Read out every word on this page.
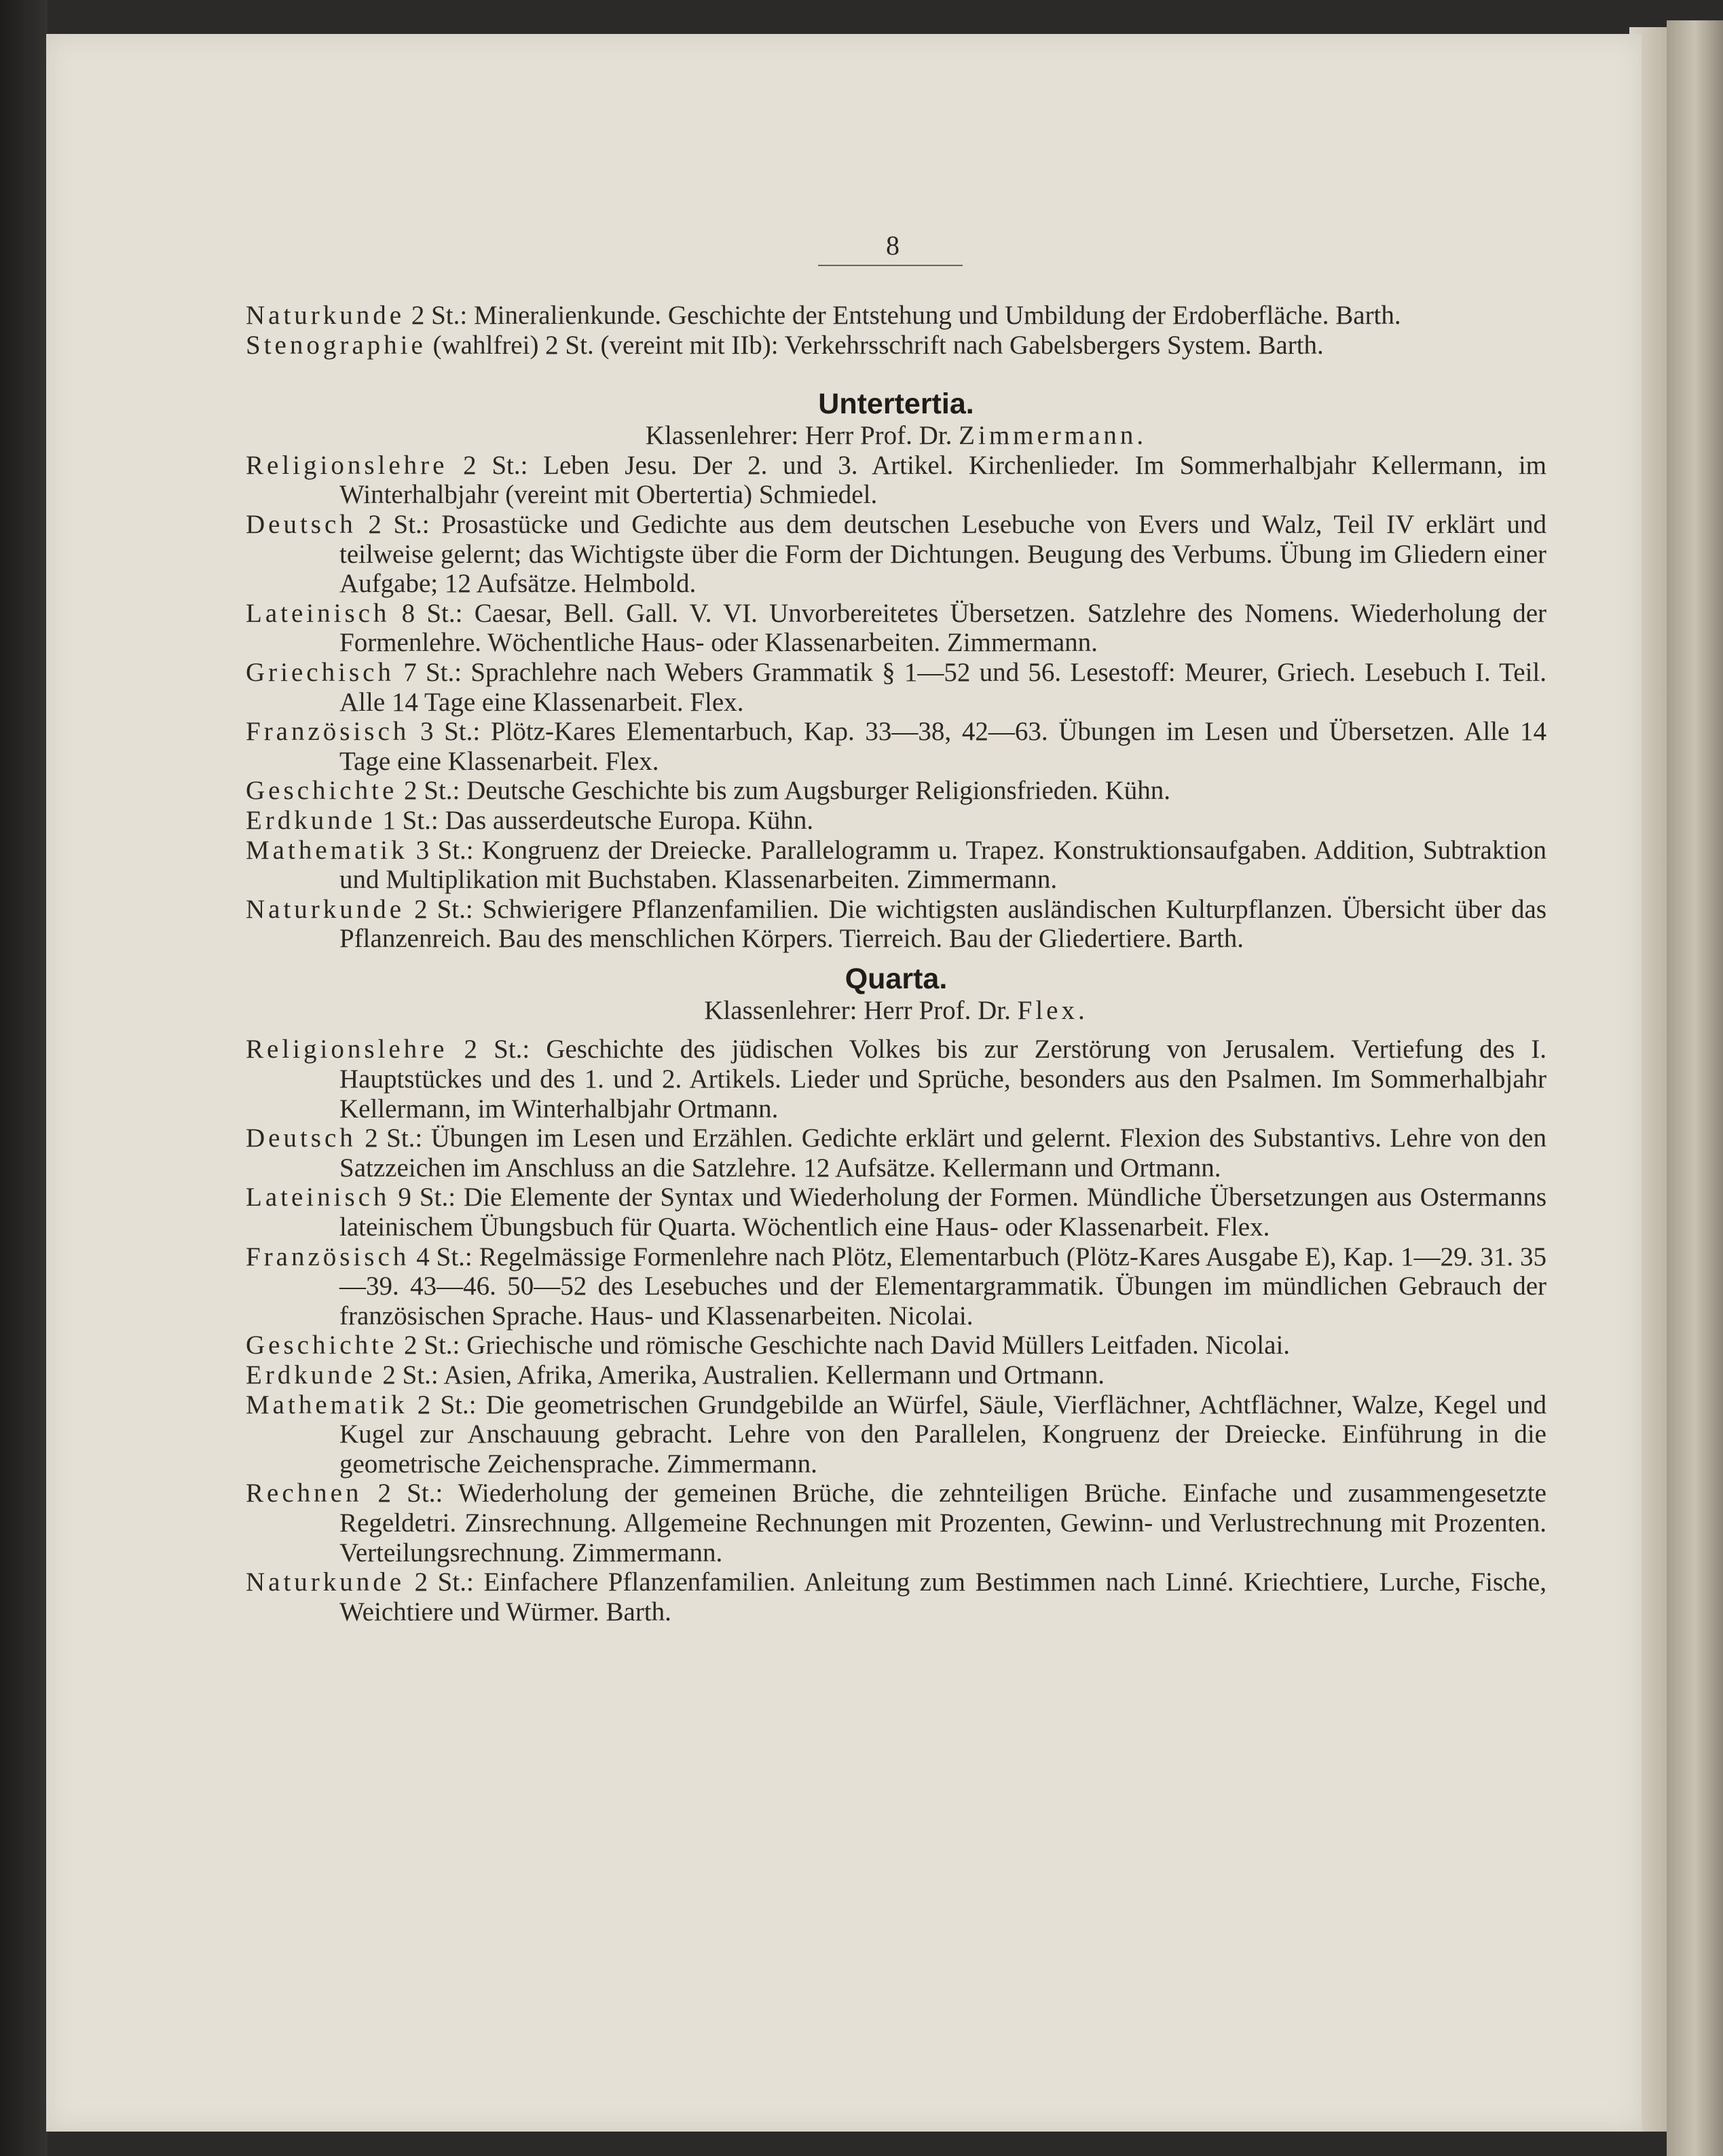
8
Naturkunde 2 St.: Mineralienkunde. Geschichte der Entstehung und Umbildung der Erdoberfläche. Barth.
Stenographie (wahlfrei) 2 St. (vereint mit IIb): Verkehrsschrift nach Gabelsbergers System. Barth.
Untertertia.
Klassenlehrer: Herr Prof. Dr. Zimmermann.
Religionslehre 2 St.: Leben Jesu. Der 2. und 3. Artikel. Kirchenlieder. Im Sommerhalbjahr Kellermann, im Winterhalbjahr (vereint mit Obertertia) Schmiedel.
Deutsch 2 St.: Prosastücke und Gedichte aus dem deutschen Lesebuche von Evers und Walz, Teil IV erklärt und teilweise gelernt; das Wichtigste über die Form der Dichtungen. Beugung des Verbums. Übung im Gliedern einer Aufgabe; 12 Aufsätze. Helmbold.
Lateinisch 8 St.: Caesar, Bell. Gall. V. VI. Unvorbereitetes Übersetzen. Satzlehre des Nomens. Wiederholung der Formenlehre. Wöchentliche Haus- oder Klassenarbeiten. Zimmermann.
Griechisch 7 St.: Sprachlehre nach Webers Grammatik § 1—52 und 56. Lesestoff: Meurer, Griech. Lesebuch I. Teil. Alle 14 Tage eine Klassenarbeit. Flex.
Französisch 3 St.: Plötz-Kares Elementarbuch, Kap. 33—38, 42—63. Übungen im Lesen und Übersetzen. Alle 14 Tage eine Klassenarbeit. Flex.
Geschichte 2 St.: Deutsche Geschichte bis zum Augsburger Religionsfrieden. Kühn.
Erdkunde 1 St.: Das ausserdeutsche Europa. Kühn.
Mathematik 3 St.: Kongruenz der Dreiecke. Parallelogramm u. Trapez. Konstruktionsaufgaben. Addition, Subtraktion und Multiplikation mit Buchstaben. Klassenarbeiten. Zimmermann.
Naturkunde 2 St.: Schwierigere Pflanzenfamilien. Die wichtigsten ausländischen Kulturpflanzen. Übersicht über das Pflanzenreich. Bau des menschlichen Körpers. Tierreich. Bau der Gliedertiere. Barth.
Quarta.
Klassenlehrer: Herr Prof. Dr. Flex.
Religionslehre 2 St.: Geschichte des jüdischen Volkes bis zur Zerstörung von Jerusalem. Vertiefung des I. Hauptstückes und des 1. und 2. Artikels. Lieder und Sprüche, besonders aus den Psalmen. Im Sommerhalbjahr Kellermann, im Winterhalbjahr Ortmann.
Deutsch 2 St.: Übungen im Lesen und Erzählen. Gedichte erklärt und gelernt. Flexion des Substantivs. Lehre von den Satzzeichen im Anschluss an die Satzlehre. 12 Aufsätze. Kellermann und Ortmann.
Lateinisch 9 St.: Die Elemente der Syntax und Wiederholung der Formen. Mündliche Übersetzungen aus Ostermanns lateinischem Übungsbuch für Quarta. Wöchentlich eine Haus- oder Klassenarbeit. Flex.
Französisch 4 St.: Regelmässige Formenlehre nach Plötz, Elementarbuch (Plötz-Kares Ausgabe E), Kap. 1—29. 31. 35—39. 43—46. 50—52 des Lesebuches und der Elementargrammatik. Übungen im mündlichen Gebrauch der französischen Sprache. Haus- und Klassenarbeiten. Nicolai.
Geschichte 2 St.: Griechische und römische Geschichte nach David Müllers Leitfaden. Nicolai.
Erdkunde 2 St.: Asien, Afrika, Amerika, Australien. Kellermann und Ortmann.
Mathematik 2 St.: Die geometrischen Grundgebilde an Würfel, Säule, Vierflächner, Achtflächner, Walze, Kegel und Kugel zur Anschauung gebracht. Lehre von den Parallelen, Kongruenz der Dreiecke. Einführung in die geometrische Zeichensprache. Zimmermann.
Rechnen 2 St.: Wiederholung der gemeinen Brüche, die zehnteiligen Brüche. Einfache und zusammengesetzte Regeldetri. Zinsrechnung. Allgemeine Rechnungen mit Prozenten, Gewinn- und Verlustrechnung mit Prozenten. Verteilungsrechnung. Zimmermann.
Naturkunde 2 St.: Einfachere Pflanzenfamilien. Anleitung zum Bestimmen nach Linné. Kriechtiere, Lurche, Fische, Weichtiere und Würmer. Barth.
